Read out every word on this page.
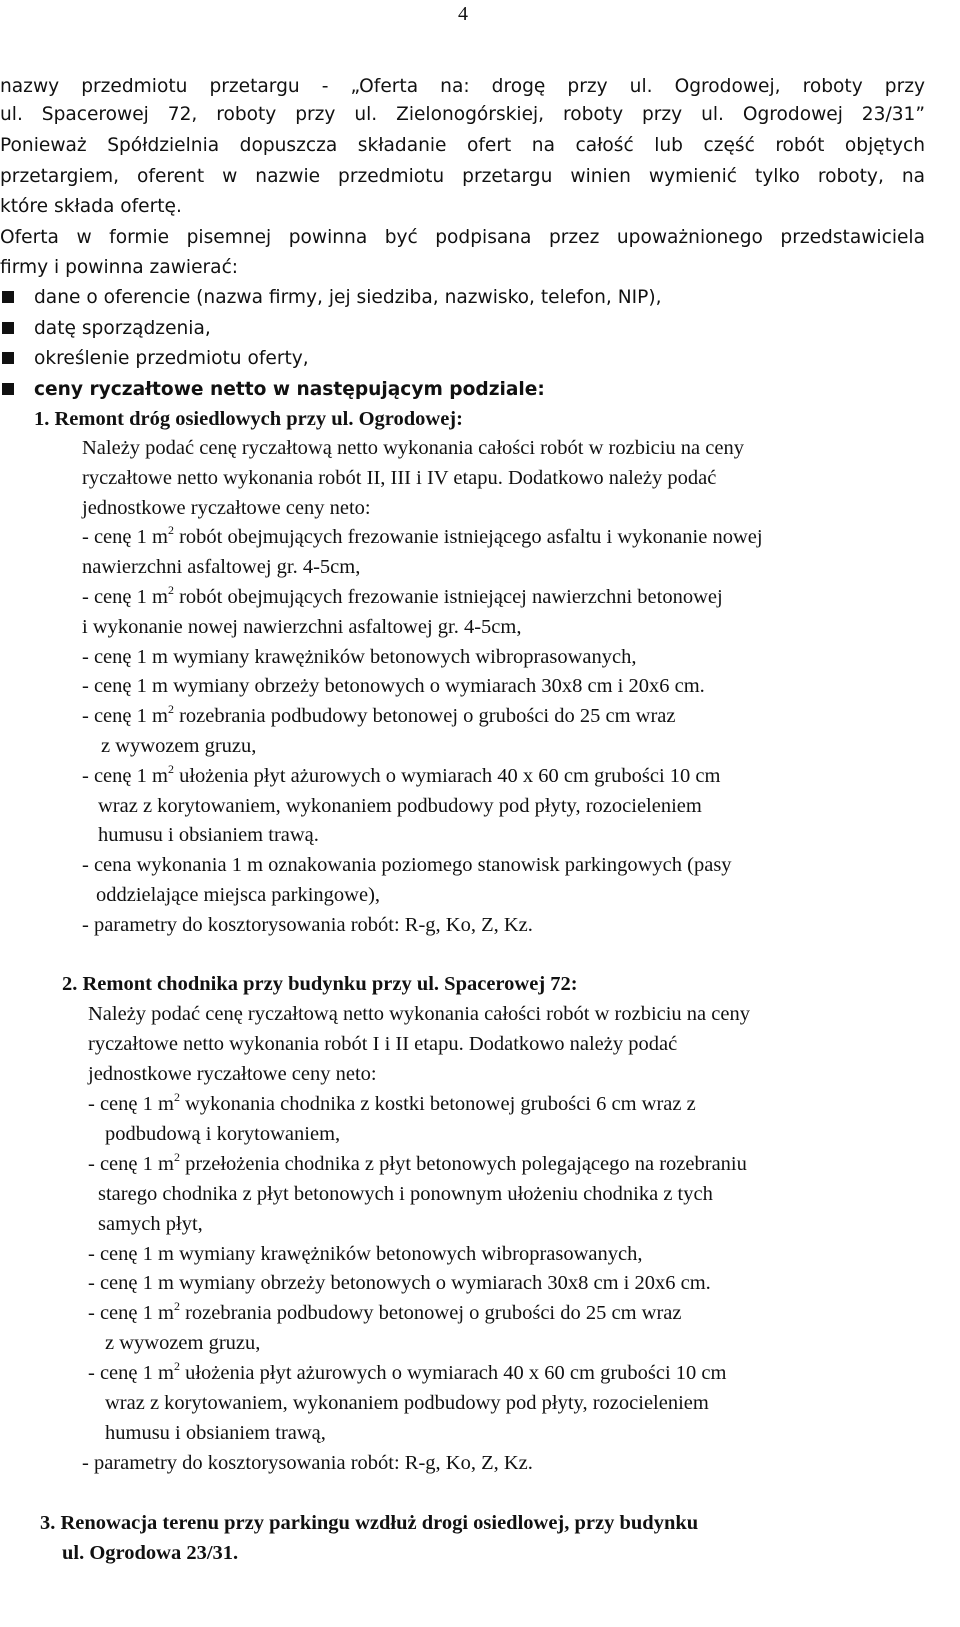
4

nazwy przedmiotu przetargu - „Oferta na: drogę przy ul. Ogrodowej, roboty przy

ul. Spacerowej 72, roboty przy ul. Zielonogórskiej, roboty przy ul. Ogrodowej 23/31”

Ponieważ Spółdzielnia dopuszcza składanie ofert na całość lub część robót objętych

przetargiem, oferent w nazwie przedmiotu przetargu winien wymienić tylko roboty, na

które składa ofertę.

Oferta w formie pisemnej powinna być podpisana przez upoważnionego przedstawiciela

firmy i powinna zawierać:

dane o oferencie (nazwa firmy, jej siedziba, nazwisko, telefon, NIP),

datę sporządzenia,

określenie przedmiotu oferty,

ceny ryczałtowe netto w następującym podziale:

1. Remont dróg osiedlowych przy ul. Ogrodowej:

Należy podać cenę ryczałtową netto wykonania całości robót w rozbiciu na ceny

ryczałtowe netto wykonania robót II, III i IV etapu. Dodatkowo należy podać

jednostkowe ryczałtowe ceny neto:

- cenę 1 $m^2$ robót obejmujących frezowanie istniejącego asfaltu i wykonanie nowej

nawierzchni asfaltowej gr. 4-5cm,

- cenę 1 $m^2$ robót obejmujących frezowanie istniejącej nawierzchni betonowej

i wykonanie nowej nawierzchni asfaltowej gr. 4-5cm,

- cenę 1 m wymiany krawężników betonowych wibroprasowanych,

- cenę 1 m wymiany obrzeży betonowych o wymiarach 30x8 cm i 20x6 cm.

- cenę 1 $m^2$ rozebrania podbudowy betonowej o grubości do 25 cm wraz

z wywozem gruzu,

- cenę 1 $m^2$ ułożenia płyt ażurowych o wymiarach 40 x 60 cm grubości 10 cm

wraz z korytowaniem, wykonaniem podbudowy pod płyty, rozocieleniem

humusu i obsianiem trawą.

- cena wykonania 1 m oznakowania poziomego stanowisk parkingowych (pasy

oddzielające miejsca parkingowe),

- parametry do kosztorysowania robót: R-g, Ko, Z, Kz.

2. Remont chodnika przy budynku przy ul. Spacerowej 72:

Należy podać cenę ryczałtową netto wykonania całości robót w rozbiciu na ceny

ryczałtowe netto wykonania robót I i II etapu. Dodatkowo należy podać

jednostkowe ryczałtowe ceny neto:

- cenę 1 $m^2$ wykonania chodnika z kostki betonowej grubości 6 cm wraz z

podbudową i korytowaniem,

- cenę 1 $m^2$ przełożenia chodnika z płyt betonowych polegającego na rozebraniu

starego chodnika z płyt betonowych i ponownym ułożeniu chodnika z tych

samych płyt,

- cenę 1 m wymiany krawężników betonowych wibroprasowanych,

- cenę 1 m wymiany obrzeży betonowych o wymiarach 30x8 cm i 20x6 cm.

- cenę 1 $m^2$ rozebrania podbudowy betonowej o grubości do 25 cm wraz

z wywozem gruzu,

- cenę 1 $m^2$ ułożenia płyt ażurowych o wymiarach 40 x 60 cm grubości 10 cm

wraz z korytowaniem, wykonaniem podbudowy pod płyty, rozocieleniem

humusu i obsianiem trawą,

- parametry do kosztorysowania robót: R-g, Ko, Z, Kz.

3. Renowacja terenu przy parkingu wzdłuż drogi osiedlowej, przy budynku

ul. Ogrodowa 23/31.
